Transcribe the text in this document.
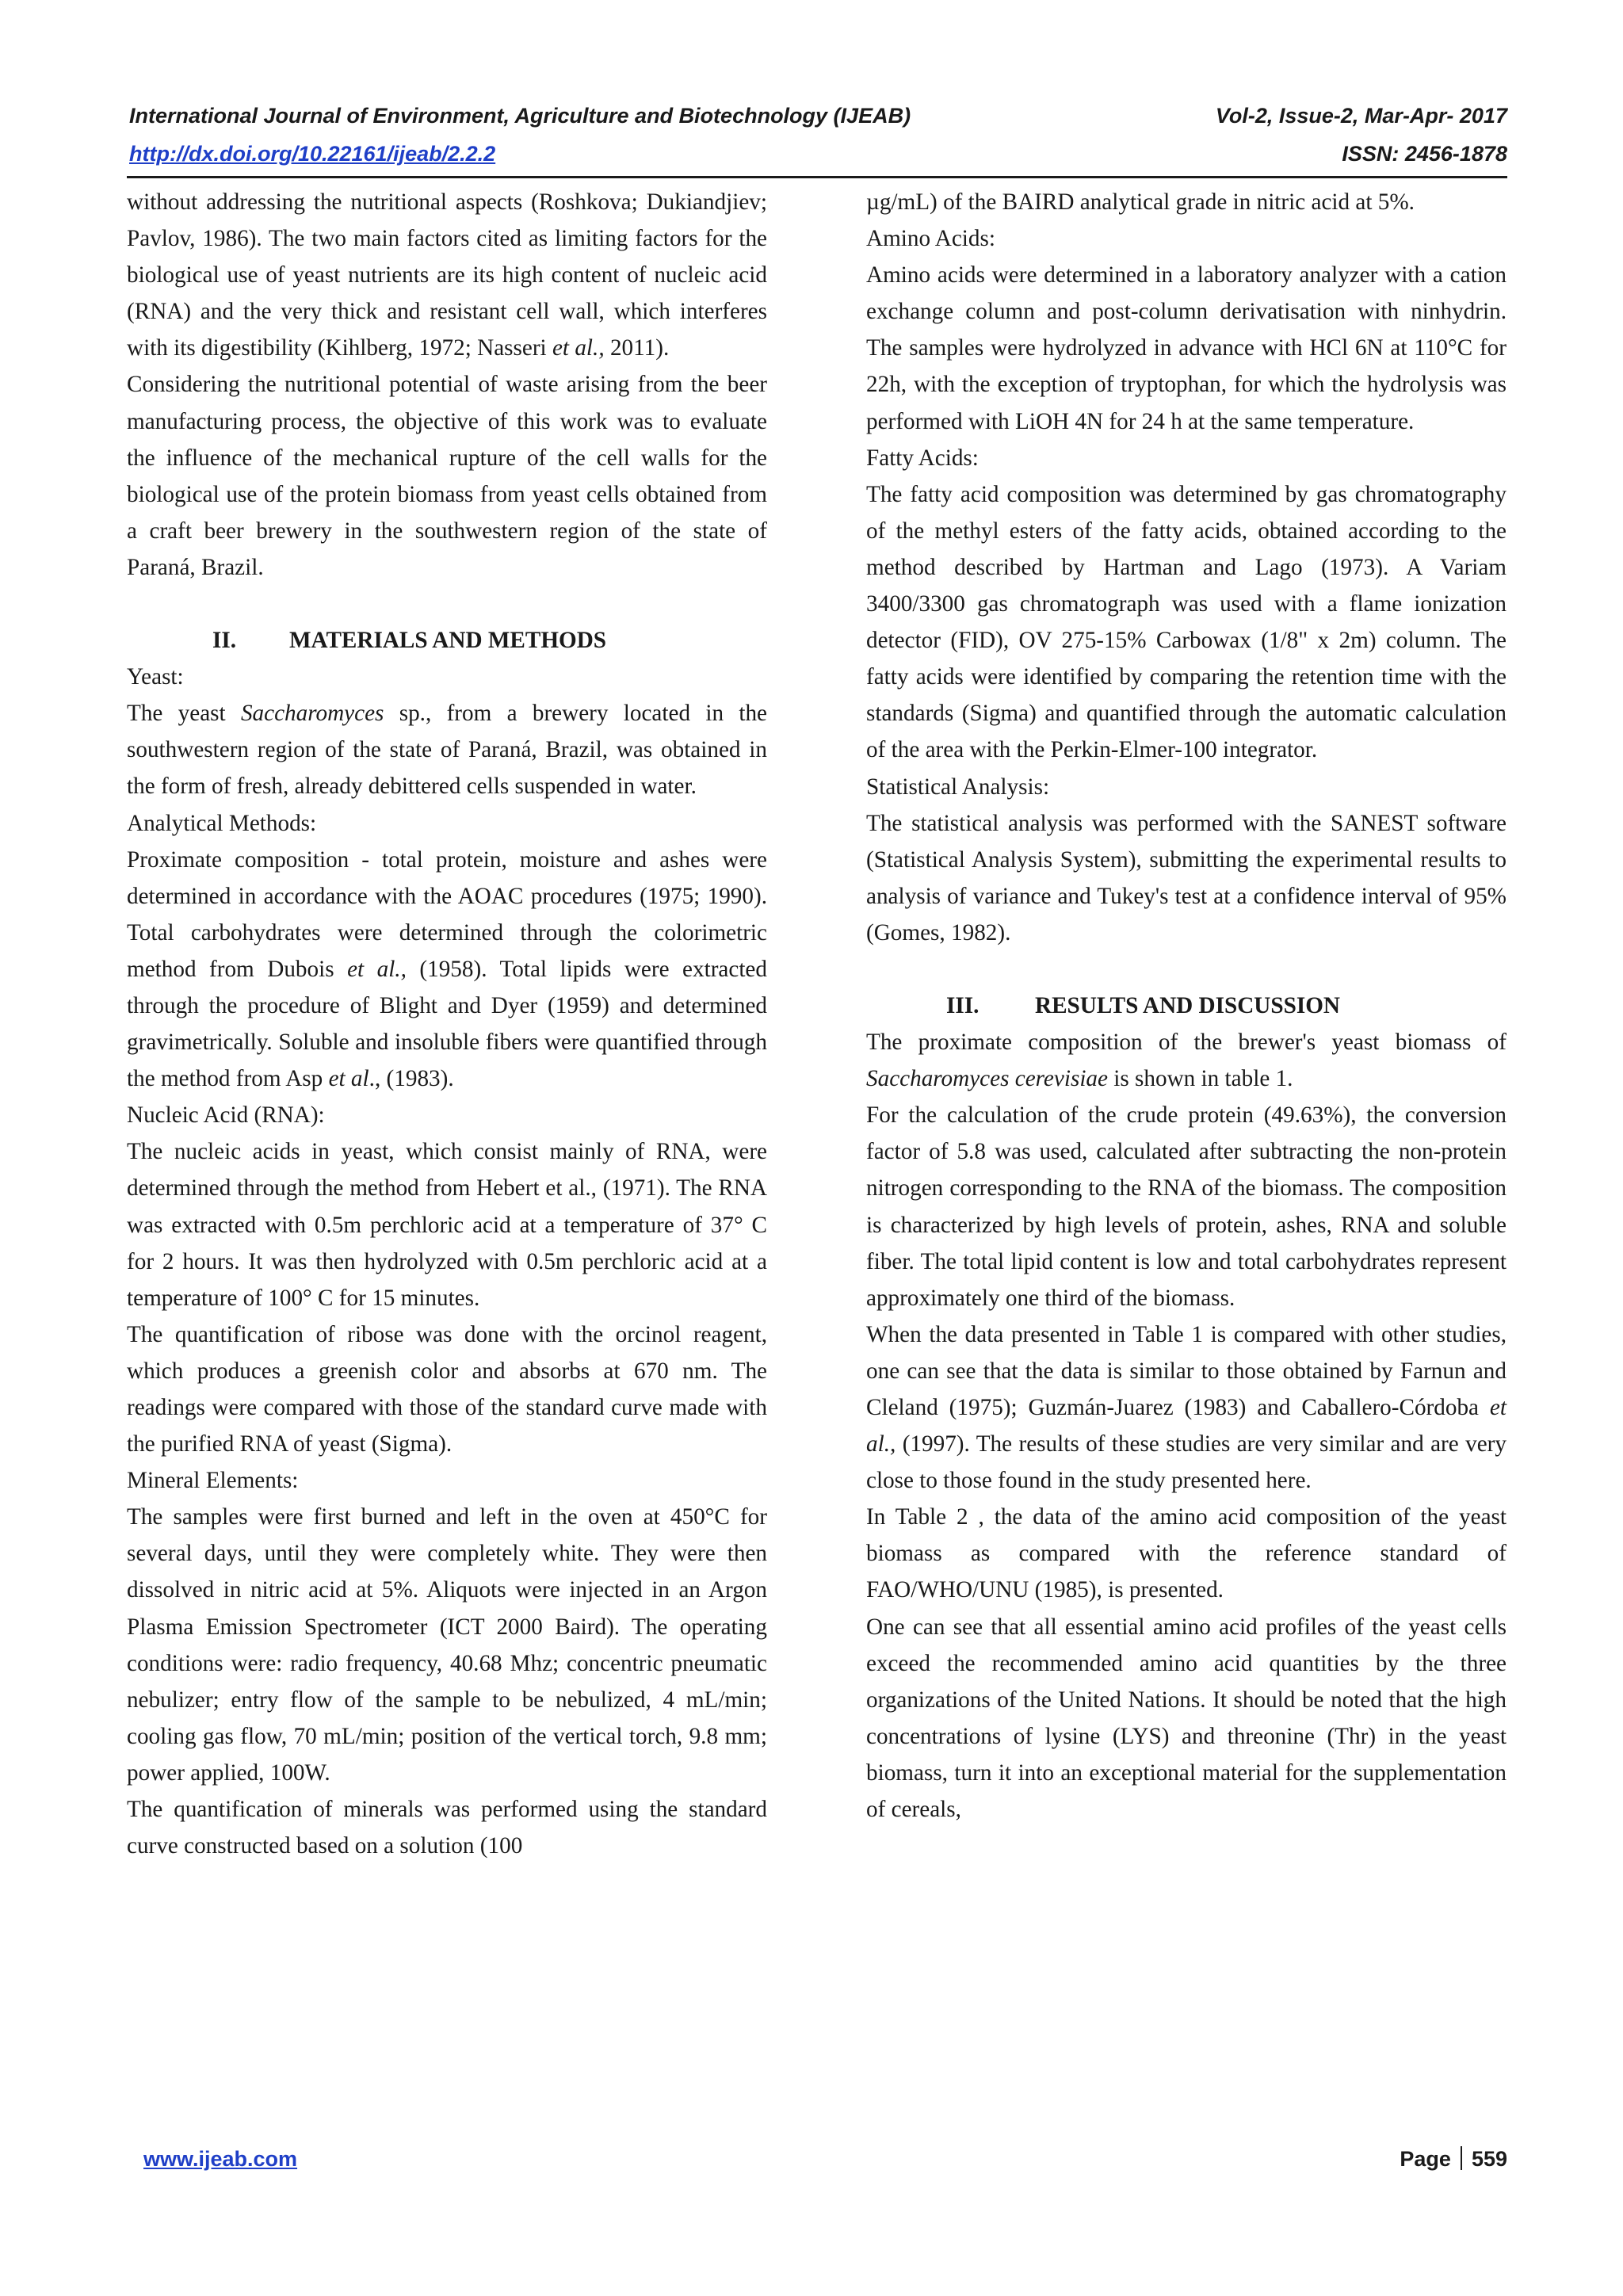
International Journal of Environment, Agriculture and Biotechnology (IJEAB)	Vol-2, Issue-2, Mar-Apr- 2017
http://dx.doi.org/10.22161/ijeab/2.2.2	ISSN: 2456-1878

without addressing the nutritional aspects (Roshkova; Dukiandjiev; Pavlov, 1986). The two main factors cited as limiting factors for the biological use of yeast nutrients are its high content of nucleic acid (RNA) and the very thick and resistant cell wall, which interferes with its digestibility (Kihlberg, 1972; Nasseri et al., 2011).

Considering the nutritional potential of waste arising from the beer manufacturing process, the objective of this work was to evaluate the influence of the mechanical rupture of the cell walls for the biological use of the protein biomass from yeast cells obtained from a craft beer brewery in the southwestern region of the state of Paraná, Brazil.

II. MATERIALS AND METHODS

Yeast:

The yeast Saccharomyces sp., from a brewery located in the southwestern region of the state of Paraná, Brazil, was obtained in the form of fresh, already debittered cells suspended in water.

Analytical Methods:

Proximate composition - total protein, moisture and ashes were determined in accordance with the AOAC procedures (1975; 1990). Total carbohydrates were determined through the colorimetric method from Dubois et al., (1958). Total lipids were extracted through the procedure of Blight and Dyer (1959) and determined gravimetrically. Soluble and insoluble fibers were quantified through the method from Asp et al., (1983).

Nucleic Acid (RNA):

The nucleic acids in yeast, which consist mainly of RNA, were determined through the method from Hebert et al., (1971). The RNA was extracted with 0.5m perchloric acid at a temperature of 37° C for 2 hours. It was then hydrolyzed with 0.5m perchloric acid at a temperature of 100° C for 15 minutes.

The quantification of ribose was done with the orcinol reagent, which produces a greenish color and absorbs at 670 nm. The readings were compared with those of the standard curve made with the purified RNA of yeast (Sigma).

Mineral Elements:

The samples were first burned and left in the oven at 450°C for several days, until they were completely white. They were then dissolved in nitric acid at 5%. Aliquots were injected in an Argon Plasma Emission Spectrometer (ICT 2000 Baird). The operating conditions were: radio frequency, 40.68 Mhz; concentric pneumatic nebulizer; entry flow of the sample to be nebulized, 4 mL/min; cooling gas flow, 70 mL/min; position of the vertical torch, 9.8 mm; power applied, 100W.

The quantification of minerals was performed using the standard curve constructed based on a solution (100

µg/mL) of the BAIRD analytical grade in nitric acid at 5%.

Amino Acids:

Amino acids were determined in a laboratory analyzer with a cation exchange column and post-column derivatisation with ninhydrin. The samples were hydrolyzed in advance with HCl 6N at 110°C for 22h, with the exception of tryptophan, for which the hydrolysis was performed with LiOH 4N for 24 h at the same temperature.

Fatty Acids:

The fatty acid composition was determined by gas chromatography of the methyl esters of the fatty acids, obtained according to the method described by Hartman and Lago (1973). A Variam 3400/3300 gas chromatograph was used with a flame ionization detector (FID), OV 275-15% Carbowax (1/8" x 2m) column. The fatty acids were identified by comparing the retention time with the standards (Sigma) and quantified through the automatic calculation of the area with the Perkin-Elmer-100 integrator.

Statistical Analysis:

The statistical analysis was performed with the SANEST software (Statistical Analysis System), submitting the experimental results to analysis of variance and Tukey's test at a confidence interval of 95% (Gomes, 1982).

III. RESULTS AND DISCUSSION

The proximate composition of the brewer's yeast biomass of Saccharomyces cerevisiae is shown in table 1.

For the calculation of the crude protein (49.63%), the conversion factor of 5.8 was used, calculated after subtracting the non-protein nitrogen corresponding to the RNA of the biomass. The composition is characterized by high levels of protein, ashes, RNA and soluble fiber. The total lipid content is low and total carbohydrates represent approximately one third of the biomass.

When the data presented in Table 1 is compared with other studies, one can see that the data is similar to those obtained by Farnun and Cleland (1975); Guzmán-Juarez (1983) and Caballero-Córdoba et al., (1997). The results of these studies are very similar and are very close to those found in the study presented here.

In Table 2 , the data of the amino acid composition of the yeast biomass as compared with the reference standard of FAO/WHO/UNU (1985), is presented.

One can see that all essential amino acid profiles of the yeast cells exceed the recommended amino acid quantities by the three organizations of the United Nations. It should be noted that the high concentrations of lysine (LYS) and threonine (Thr) in the yeast biomass, turn it into an exceptional material for the supplementation of cereals,

www.ijeab.com	Page 559
